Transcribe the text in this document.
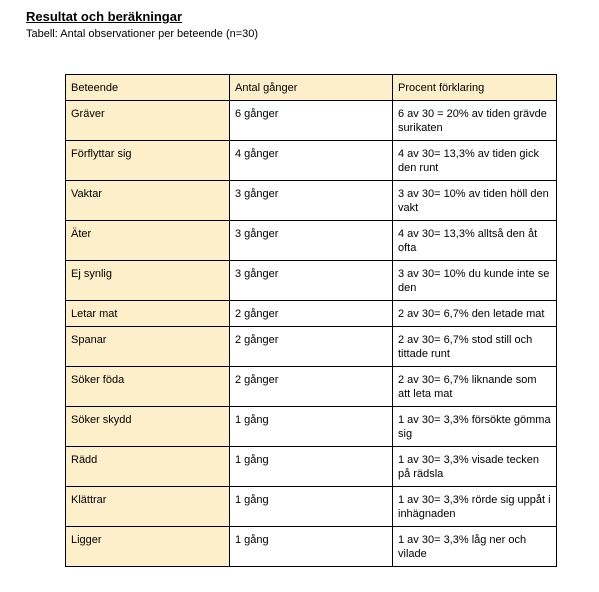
Resultat och beräkningar
Tabell: Antal observationer per beteende (n=30)
Beteende	Antal gånger	Procent förklaring
Gräver	6 gånger	6 av 30 = 20% av tiden grävde surikaten
Förflyttar sig	4 gånger	4 av 30= 13,3% av tiden gick den runt
Vaktar	3 gånger	3 av 30= 10% av tiden höll den vakt
Äter	3 gånger	4 av 30= 13,3% alltså den åt ofta
Ej synlig	3 gånger	3 av 30= 10% du kunde inte se den
Letar mat	2 gånger	2 av 30= 6,7% den letade mat
Spanar	2 gånger	2 av 30= 6,7% stod still och tittade runt
Söker föda	2 gånger	2 av 30= 6,7% liknande som att leta mat
Söker skydd	1 gång	1 av 30= 3,3% försökte gömma sig
Rädd	1 gång	1 av 30= 3,3% visade tecken på rädsla
Klättrar	1 gång	1 av 30= 3,3% rörde sig uppåt i inhägnaden
Ligger	1 gång	1 av 30= 3,3% låg ner och vilade
